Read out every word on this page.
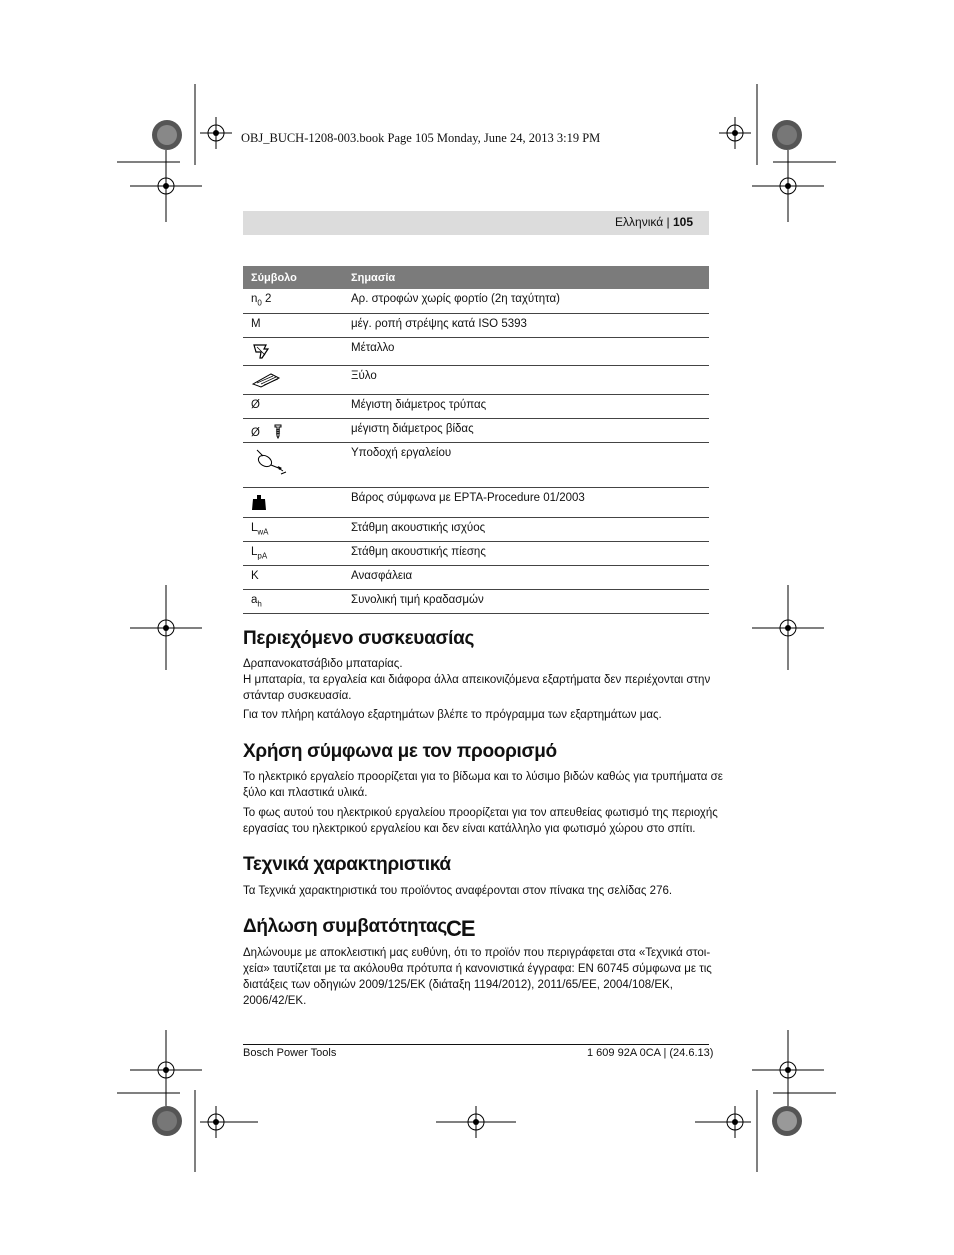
OBJ_BUCH-1208-003.book Page 105 Monday, June 24, 2013 3:19 PM
Ελληνικά | 105
Σύμβολο	Σημασία
$n_0$ 2	Αρ. στροφών χωρίς φορτίο (2η ταχύτητα)
M	μέγ. ροπή στρέψης κατά ISO 5393
	Μέταλλο
	Ξύλο
Ø	Μέγιστη διάμετρος τρύπας
Ø	μέγιστη διάμετρος βίδας
	Υποδοχή εργαλείου
	Βάρος σύμφωνα με EPTA-Procedure 01/2003
$L_{wA}$	Στάθμη ακουστικής ισχύος
$L_{pA}$	Στάθμη ακουστικής πίεσης
K	Ανασφάλεια
$a_h$	Συνολική τιμή κραδασμών
Περιεχόμενο συσκευασίας

Δραπανοκατσάβιδο μπαταρίας.

Η μπαταρία, τα εργαλεία και διάφορα άλλα απεικονιζόμενα εξαρτήματα δεν περιέχονται στην

στάνταρ συσκευασία.

Για τον πλήρη κατάλογο εξαρτημάτων βλέπε το πρόγραμμα των εξαρτημάτων μας.

Χρήση σύμφωνα με τον προορισμό

Το ηλεκτρικό εργαλείο προορίζεται για το βίδωμα και το λύσιμο βιδών καθώς για τρυπήματα σε

ξύλο και πλαστικά υλικά.

Το φως αυτού του ηλεκτρικού εργαλείου προορίζεται για τον απευθείας φωτισμό της περιοχής

εργασίας του ηλεκτρικού εργαλείου και δεν είναι κατάλληλο για φωτισμό χώρου στο σπίτι.

Τεχνικά χαρακτηριστικά

Τα Τεχνικά χαρακτηριστικά του προϊόντος αναφέρονται στον πίνακα της σελίδας 276.

Δήλωση συμβατότητας CE

Δηλώνουμε με αποκλειστική μας ευθύνη, ότι το προϊόν που περιγράφεται στα «Τεχνικά στοι-

χεία» ταυτίζεται με τα ακόλουθα πρότυπα ή κανονιστικά έγγραφα: EN 60745 σύμφωνα με τις

διατάξεις των οδηγιών 2009/125/ΕΚ (διάταξη 1194/2012), 2011/65/ΕΕ, 2004/108/ΕΚ,

2006/42/ΕΚ.

Bosch Power Tools	1 609 92A 0CA | (24.6.13)
